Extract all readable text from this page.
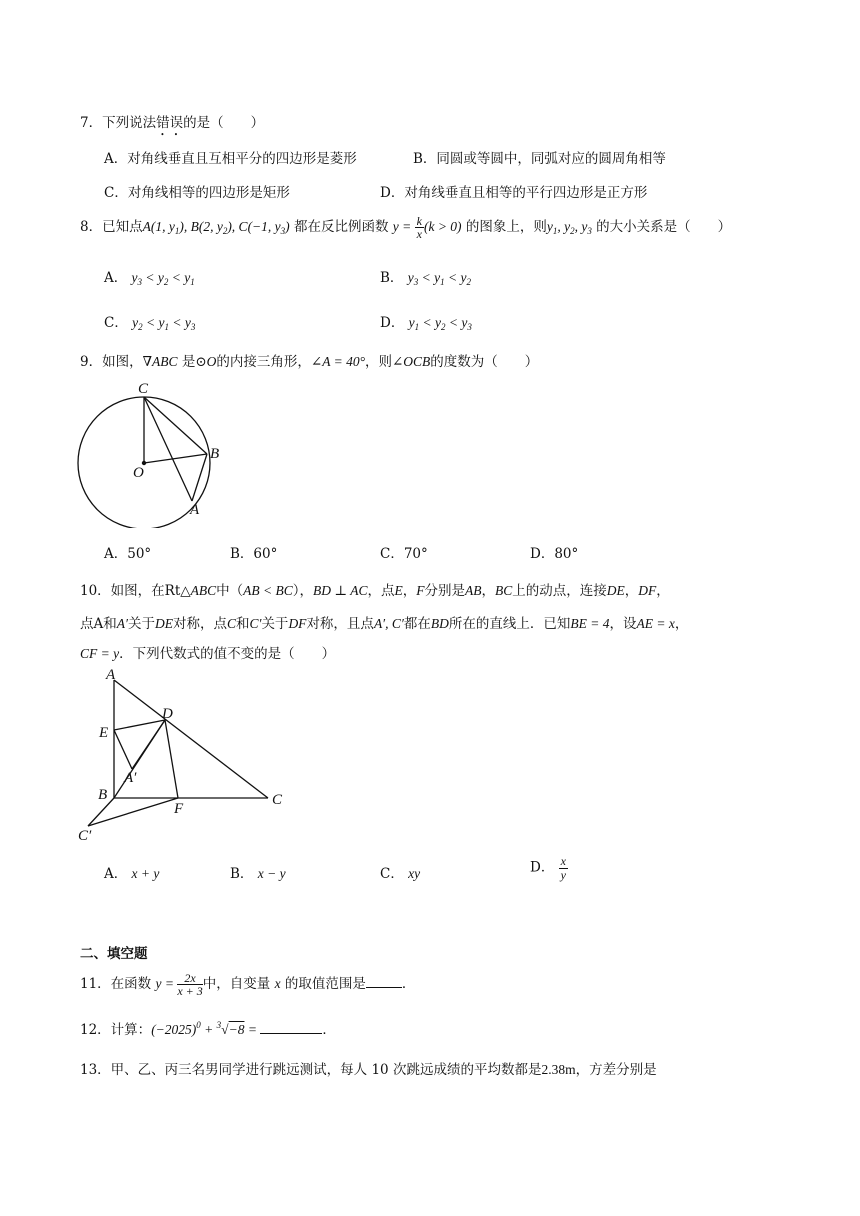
7．下列说法错误的是（　　）
A．对角线垂直且互相平分的四边形是菱形	B．同圆或等圆中，同弧对应的圆周角相等
C．对角线相等的四边形是矩形	D．对角线垂直且相等的平行四边形是正方形
8．已知点A(1, $y_1$), B(2, $y_2$), C(−1, $y_3$) 都在反比例函数 $y = \frac{k}{x} (k > 0)$ 的图象上，则$y_1$, $y_2$, $y_3$ 的大小关系是（　　）
A． $y_3 < y_2 < y_1$	B． $y_3 < y_1 < y_2$
C． $y_2 < y_1 < y_3$	D． $y_1 < y_2 < y_3$
9．如图，∇ABC 是⊙O的内接三角形，∠A = 40°，则∠OCB的度数为（　　）
C
O
B
A
A．50°	B．60°	C．70°	D．80°
10．如图，在Rt△ABC中（AB < BC），BD ⊥ AC，点E，F分别是AB，BC上的动点，连接DE，DF，
点A和A′关于DE对称，点C和C′关于DF对称，且点A′, C′都在BD所在的直线上．已知BE = 4，设AE = x，
CF = y．下列代数式的值不变的是（　　）
A
D
E
A′
B
F
C
C′
A． x + y	B． x − y	C． xy	D． $\frac{x}{y}$
二、填空题
11．在函数 $y = \frac{2x}{x + 3}$ 中，自变量 x 的取值范围是	．
12．计算：$(-2025)^0 + ^3√-8$ =	．
13．甲、乙、丙三名男同学进行跳远测试，每人 10 次跳远成绩的平均数都是2.38m，方差分别是
